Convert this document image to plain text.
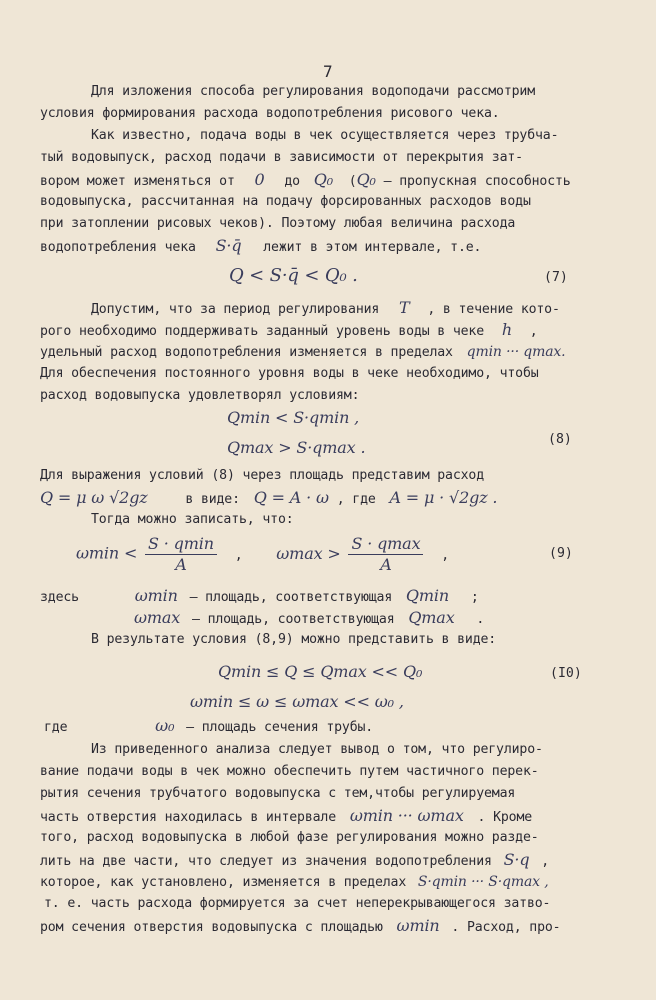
7
Для изложения способа регулирования водоподачи рассмотрим
условия формирования расхода водопотребления рисового чека.
Как известно, подача воды в чек осуществляется через трубча-
тый водовыпуск, расход подачи в зависимости от перекрытия зат-
вором может изменяться от 0 до Q₀ (Q₀ – пропускная способность
водовыпуска, рассчитанная на подачу форсированных расходов воды
при затоплении рисовых чеков). Поэтому любая величина расхода
водопотребления чека S·q̄ лежит в этом интервале, т.е.
Q < S·q̄ < Q₀ .	(7)
Допустим, что за период регулирования T , в течение кото-
рого необходимо поддерживать заданный уровень воды в чеке h ,
удельный расход водопотребления изменяется в пределах qmin ··· qmax.
Для обеспечения постоянного уровня воды в чеке необходимо, чтобы
расход водовыпуска удовлетворял условиям:
Qmin < S·qmin ,
Qmax > S·qmax .	(8)
Для выражения условий (8) через площадь представим расход
Q = μ ω √2gz	в виде: Q = A · ω , где A = μ · √2gz .
Тогда можно записать, что:
$\omega\min < \frac{S \cdot qmin}{A}$ , $\omega\max > \frac{S \cdot qmax}{A}$ ,	(9)
здесь	ωmin – площадь, соответствующая Qmin ;
ωmax – площадь, соответствующая Qmax .
В результате условия (8,9) можно представить в виде:
Qmin ≤ Q ≤ Qmax << Q₀	(I0)
ωmin ≤ ω ≤ ωmax << ω₀ ,
где	ω₀ – площадь сечения трубы.
Из приведенного анализа следует вывод о том, что регулиро-
вание подачи воды в чек можно обеспечить путем частичного перек-
рытия сечения трубчатого водовыпуска с тем,чтобы регулируемая
часть отверстия находилась в интервале ωmin ··· ωmax . Кроме
того, расход водовыпуска в любой фазе регулирования можно разде-
лить на две части, что следует из значения водопотребления S·q ,
которое, как установлено, изменяется в пределах S·qmin ··· S·qmax ,
т. е. часть расхода формируется за счет неперекрывающегося затво-
ром сечения отверстия водовыпуска с площадью ωmin . Расход, про-
